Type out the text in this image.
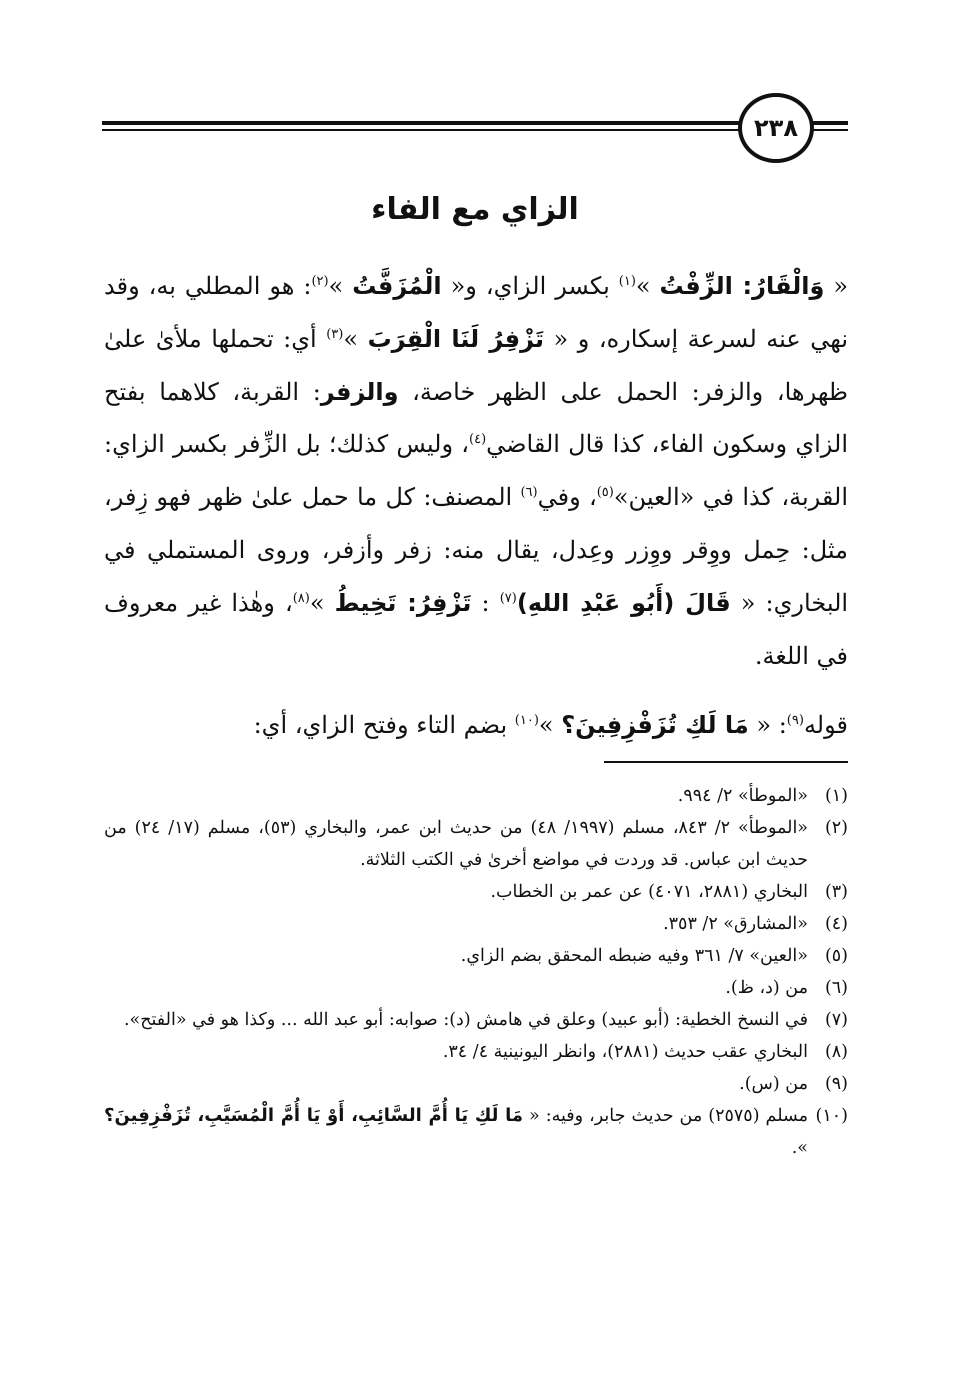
٢٣٨
الزاي مع الفاء

« وَالْقَارُ: الزِّفْتُ »$^{(١)}$ بكسر الزاي، و« الْمُزَفَّتُ »$^{(٢)}$: هو المطلي به، وقد نهي عنه لسرعة إسكاره، و « تَزْفِرُ لَنَا الْقِرَبَ »$^{(٣)}$ أي: تحملها ملأىٰ علىٰ ظهرها، والزفر: الحمل على الظهر خاصة، والزفر: القربة، كلاهما بفتح الزاي وسكون الفاء، كذا قال القاضي$^{(٤)}$، وليس كذلك؛ بل الزِّفر بكسر الزاي: القربة، كذا في «العين»$^{(٥)}$، وفي$^{(٦)}$ المصنف: كل ما حمل علىٰ ظهر فهو زِفر، مثل: حِمل ووِقر ووِزر وعِدل، يقال منه: زفر وأزفر، وروى المستملي في البخاري: « قَالَ (أَبُو عَبْدِ اللهِ)$^{(٧)}$ : تَزْفِرُ: تَخِيطُ »$^{(٨)}$، وهٰذا غير معروف في اللغة.

قوله$^{(٩)}$: « مَا لَكِ تُزَفْزِفِينَ؟ »$^{(١٠)}$ بضم التاء وفتح الزاي، أي:

(١)
«الموطأ» ٢/ ٩٩٤.
(٢)
«الموطأ» ٢/ ٨٤٣، مسلم (١٩٩٧/ ٤٨) من حديث ابن عمر، والبخاري (٥٣)، مسلم (١٧/ ٢٤) من حديث ابن عباس. قد وردت في مواضع أخرىٰ في الكتب الثلاثة.
(٣)
البخاري (٢٨٨١، ٤٠٧١) عن عمر بن الخطاب.
(٤)
«المشارق» ٢/ ٣٥٣.
(٥)
«العين» ٧/ ٣٦١ وفيه ضبطه المحقق بضم الزاي.
(٦)
من (د، ظ).
(٧)
في النسخ الخطية: (أبو عبيد) وعلق في هامش (د): صوابه: أبو عبد الله ... وكذا هو في «الفتح».
(٨)
البخاري عقب حديث (٢٨٨١)، وانظر اليونينية ٤/ ٣٤.
(٩)
من (س).
(١٠)
مسلم (٢٥٧٥) من حديث جابر، وفيه: « مَا لَكِ يَا أُمَّ السَّائِبِ، أَوْ يَا أُمَّ الْمُسَيَّبِ، تُزَفْزِفِينَ؟ ».
